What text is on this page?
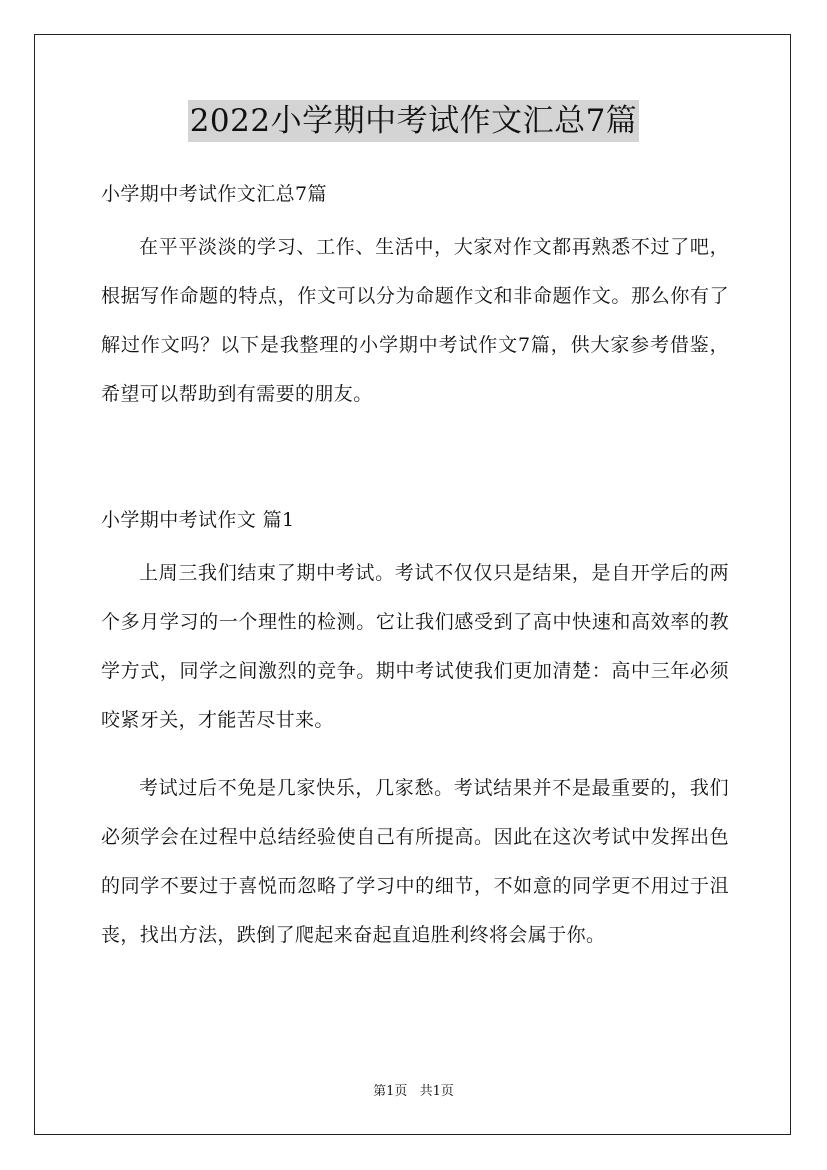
2022小学期中考试作文汇总7篇
小学期中考试作文汇总7篇
在平平淡淡的学习、工作、生活中，大家对作文都再熟悉不过了吧，根据写作命题的特点，作文可以分为命题作文和非命题作文。那么你有了解过作文吗？以下是我整理的小学期中考试作文7篇，供大家参考借鉴，希望可以帮助到有需要的朋友。
小学期中考试作文 篇1
上周三我们结束了期中考试。考试不仅仅只是结果，是自开学后的两个多月学习的一个理性的检测。它让我们感受到了高中快速和高效率的教学方式，同学之间激烈的竞争。期中考试使我们更加清楚：高中三年必须咬紧牙关，才能苦尽甘来。
考试过后不免是几家快乐，几家愁。考试结果并不是最重要的，我们必须学会在过程中总结经验使自己有所提高。因此在这次考试中发挥出色的同学不要过于喜悦而忽略了学习中的细节，不如意的同学更不用过于沮丧，找出方法，跌倒了爬起来奋起直追胜利终将会属于你。
第1页 共1页
